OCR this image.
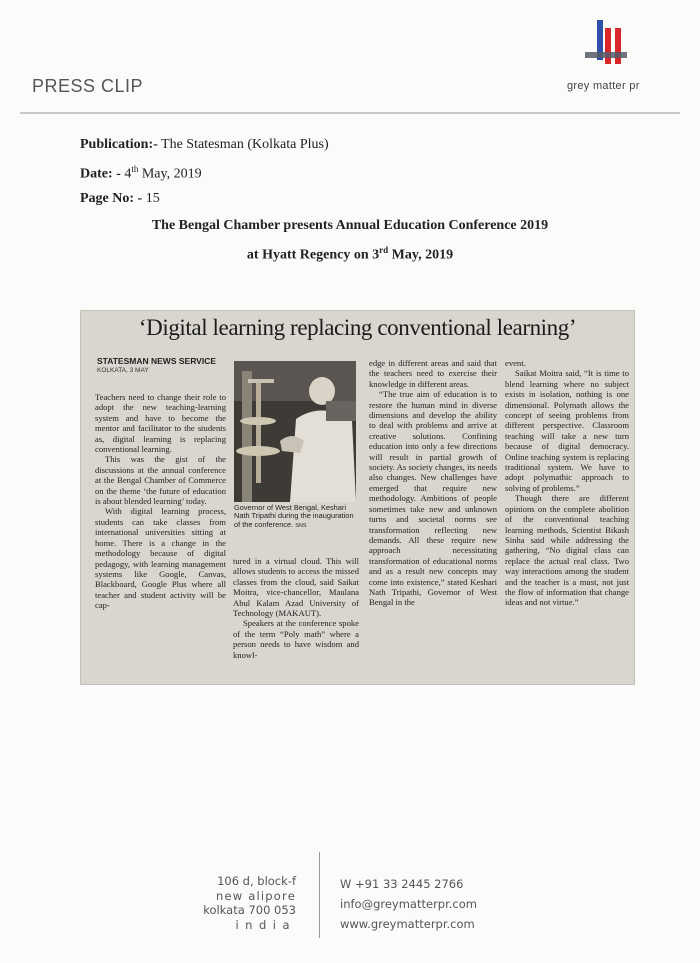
grey matter pr
PRESS CLIP
Publication:- The Statesman (Kolkata Plus)
Date: - 4th May, 2019
Page No: - 15
The Bengal Chamber presents Annual Education Conference 2019
at Hyatt Regency on 3rd May, 2019
‘Digital learning replacing conventional learning’
STATESMAN NEWS SERVICE
KOLKATA, 3 MAY

Teachers need to change their role to adopt the new teaching-learning system and have to become the mentor and facilitator to the students as, digital learning is replacing conventional learning.

This was the gist of the discussions at the annual conference at the Bengal Chamber of Commerce on the theme ‘the future of education is about blended learning’ today.

With digital learning process, students can take classes from international universities sitting at home. There is a change in the methodology because of digital pedagogy, with learning management systems like Google, Canvas, Blackboard, Google Plus where all teacher and student activity will be cap-

Governor of West Bengal, Keshari Nath Tripathi during the inauguration of the conference. SNS

tured in a virtual cloud. This will allows students to access the missed classes from the cloud, said Saikat Moitra, vice-chancellor, Maulana Abul Kalam Azad University of Technology (MAKAUT).

Speakers at the conference spoke of the term “Poly math” where a person needs to have wisdom and knowl-

edge in different areas and said that the teachers need to exercise their knowledge in different areas.

“The true aim of education is to restore the human mind in diverse dimensions and develop the ability to deal with problems and arrive at creative solutions. Confining education into only a few directions will result in partial growth of society. As society changes, its needs also changes. New challenges have emerged that require new methodology. Ambitions of people sometimes take new and unknown turns and societal norms see transformation reflecting new demands. All these require new approach necessitating transformation of educational norms and as a result new concepts may come into existence,” stated Keshari Nath Tripathi, Governor of West Bengal in the

event.

Saikat Moitra said, “It is time to blend learning where no subject exists in isolation, nothing is one dimensional. Polymath allows the concept of seeing problems from different perspective. Classroom teaching will take a new turn because of digital democracy. Online teaching system is replacing traditional system. We have to adopt polymathic approach to solving of problems.”

Though there are different opinions on the complete abolition of the conventional teaching learning methods, Scientist Bikash Sinha said while addressing the gathering, “No digital class can replace the actual real class. Two way interactions among the student and the teacher is a must, not just the flow of information that change ideas and not virtue.”

106 d, block-f
new alipore
kolkata 700 053
india
W +91 33 2445 2766
info@greymatterpr.com
www.greymatterpr.com
